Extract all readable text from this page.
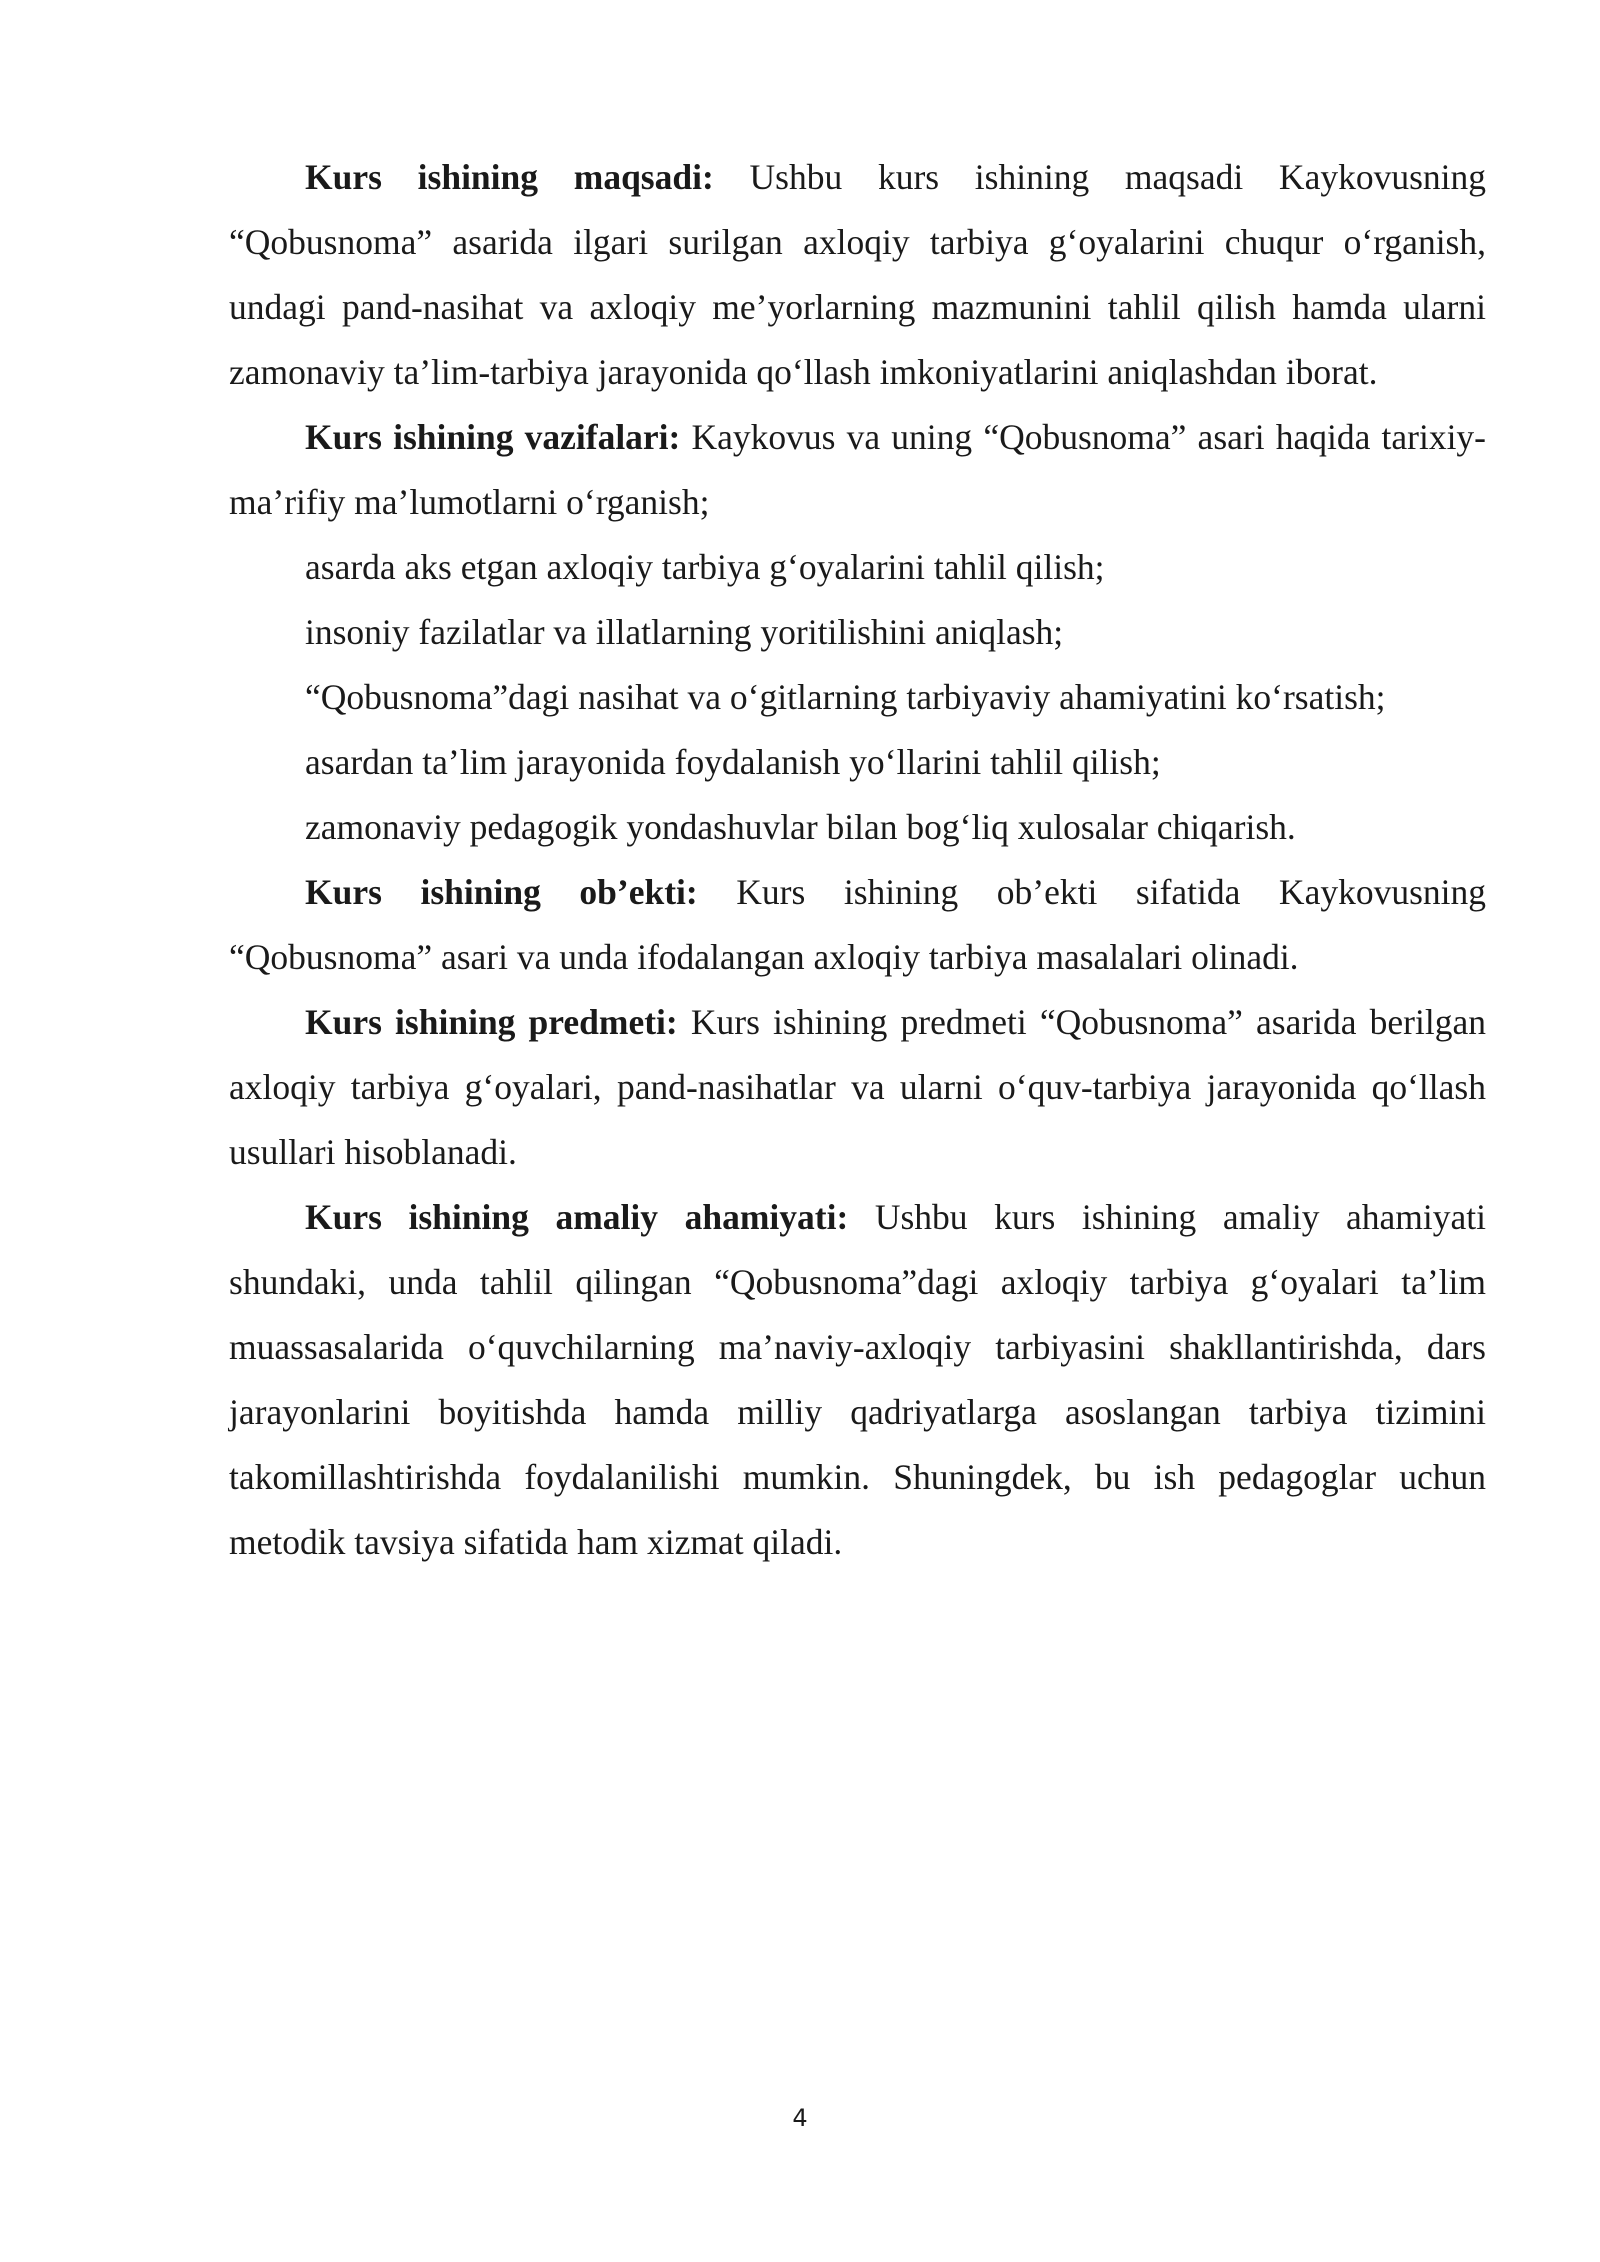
Kurs ishining maqsadi: Ushbu kurs ishining maqsadi Kaykovusning “Qobusnoma” asarida ilgari surilgan axloqiy tarbiya g‘oyalarini chuqur o‘rganish, undagi pand-nasihat va axloqiy me’yorlarning mazmunini tahlil qilish hamda ularni zamonaviy ta’lim-tarbiya jarayonida qo‘llash imkoniyatlarini aniqlashdan iborat.

Kurs ishining vazifalari: Kaykovus va uning “Qobusnoma” asari haqida tarixiy-ma’rifiy ma’lumotlarni o‘rganish;

asarda aks etgan axloqiy tarbiya g‘oyalarini tahlil qilish;

insoniy fazilatlar va illatlarning yoritilishini aniqlash;

“Qobusnoma”dagi nasihat va o‘gitlarning tarbiyaviy ahamiyatini ko‘rsatish;

asardan ta’lim jarayonida foydalanish yo‘llarini tahlil qilish;

zamonaviy pedagogik yondashuvlar bilan bog‘liq xulosalar chiqarish.

Kurs ishining ob’ekti: Kurs ishining ob’ekti sifatida Kaykovusning “Qobusnoma” asari va unda ifodalangan axloqiy tarbiya masalalari olinadi.

Kurs ishining predmeti: Kurs ishining predmeti “Qobusnoma” asarida berilgan axloqiy tarbiya g‘oyalari, pand-nasihatlar va ularni o‘quv-tarbiya jarayonida qo‘llash usullari hisoblanadi.

Kurs ishining amaliy ahamiyati: Ushbu kurs ishining amaliy ahamiyati shundaki, unda tahlil qilingan “Qobusnoma”dagi axloqiy tarbiya g‘oyalari ta’lim muassasalarida o‘quvchilarning ma’naviy-axloqiy tarbiyasini shakllantirishda, dars jarayonlarini boyitishda hamda milliy qadriyatlarga asoslangan tarbiya tizimini takomillashtirishda foydalanilishi mumkin. Shuningdek, bu ish pedagoglar uchun metodik tavsiya sifatida ham xizmat qiladi.

4
